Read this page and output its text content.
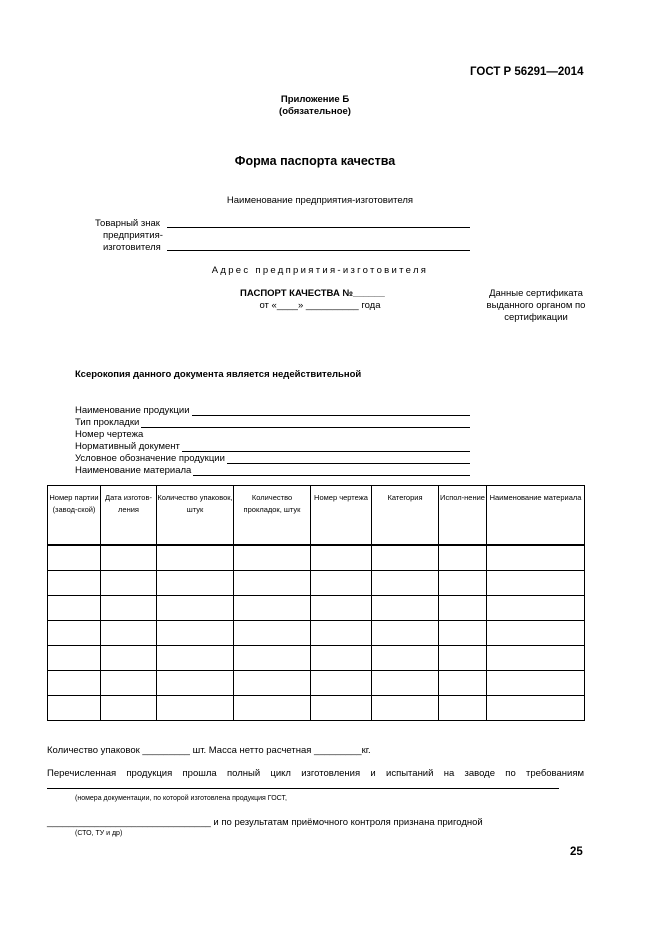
ГОСТ Р 56291—2014
Приложение Б
(обязательное)
Форма паспорта качества
Наименование предприятия-изготовителя
Товарный знак
предприятия-
изготовителя
Адрес предприятия-изготовителя
ПАСПОРТ КАЧЕСТВА №______
от «____» __________ года
Данные сертификата выданного органом по сертификации
Ксерокопия данного документа является недействительной
Наименование продукции
Тип прокладки
Номер чертежа
Нормативный документ
Условное обозначение продукции
Наименование материала
Номер партии (завод-ской)	Дата изготов-ления	Количество упаковок, штук	Количество прокладок, штук	Номер чертежа	Категория	Испол-нение	Наименование материала

Количество упаковок _________ шт. Масса нетто расчетная _________кг.
Перечисленная продукция прошла полный цикл изготовления и испытаний на заводе по требованиям
(номера документации, по которой изготовлена продукция ГОСТ,
_______________________________ и по результатам приёмочного контроля признана пригодной
(СТО, ТУ и др)
25
